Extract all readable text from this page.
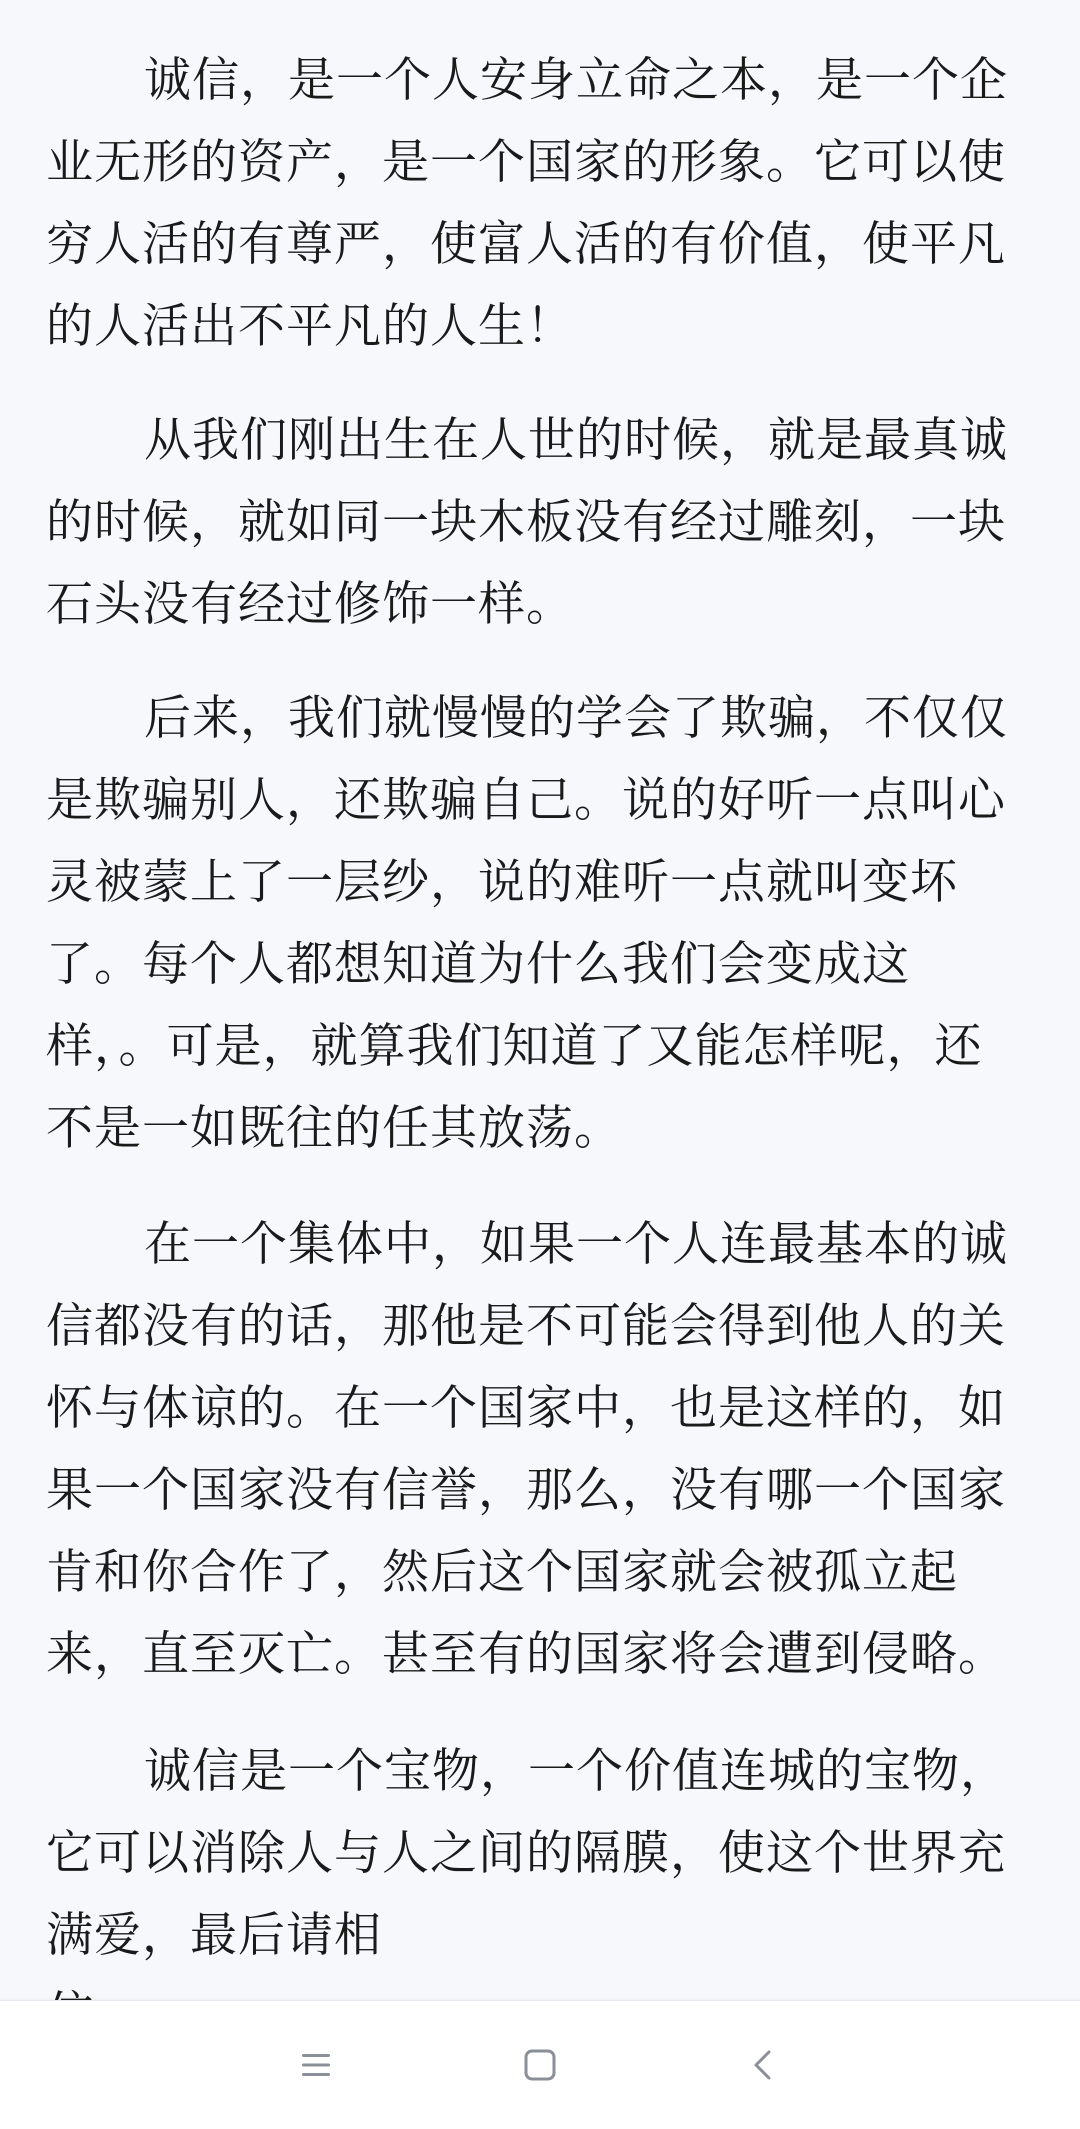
诚信，是一个人安身立命之本，是一个企
业无形的资产，是一个国家的形象。它可以使
穷人活的有尊严，使富人活的有价值，使平凡
的人活出不平凡的人生！
从我们刚出生在人世的时候，就是最真诚
的时候，就如同一块木板没有经过雕刻，一块
石头没有经过修饰一样。
后来，我们就慢慢的学会了欺骗，不仅仅
是欺骗别人，还欺骗自己。说的好听一点叫心
灵被蒙上了一层纱，说的难听一点就叫变坏
了。每个人都想知道为什么我们会变成这
样，。可是，就算我们知道了又能怎样呢，还
不是一如既往的任其放荡。
在一个集体中，如果一个人连最基本的诚
信都没有的话，那他是不可能会得到他人的关
怀与体谅的。在一个国家中，也是这样的，如
果一个国家没有信誉，那么，没有哪一个国家
肯和你合作了，然后这个国家就会被孤立起
来，直至灭亡。甚至有的国家将会遭到侵略。
诚信是一个宝物，一个价值连城的宝物，
它可以消除人与人之间的隔膜，使这个世界充
满爱，最后请相
